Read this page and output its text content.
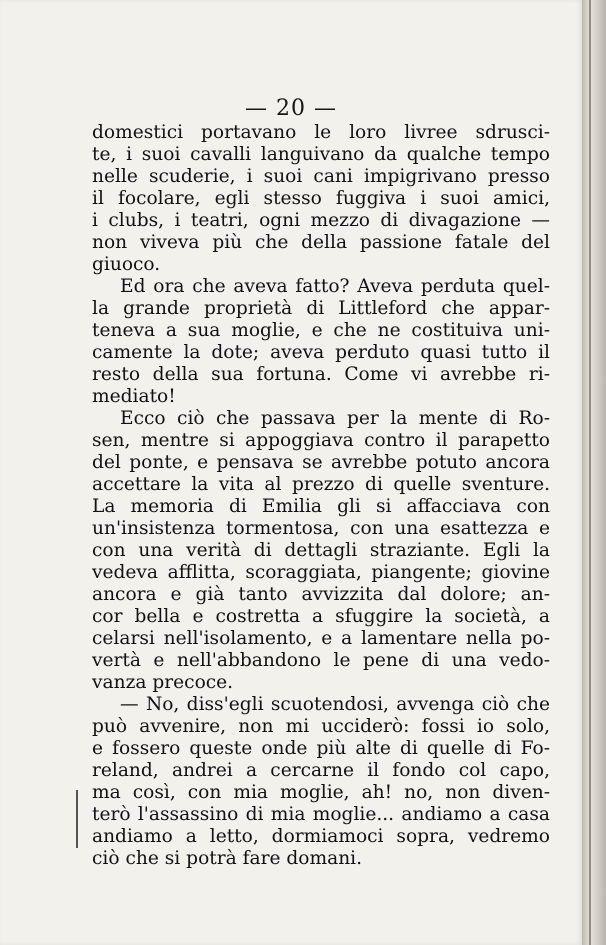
— 20 —
domestici portavano le loro livree sdrusci-
te, i suoi cavalli languivano da qualche tempo
nelle scuderie, i suoi cani impigrivano presso
il focolare, egli stesso fuggiva i suoi amici,
i clubs, i teatri, ogni mezzo di divagazione —
non viveva più che della passione fatale del
giuoco.
Ed ora che aveva fatto? Aveva perduta quel-
la grande proprietà di Littleford che appar-
teneva a sua moglie, e che ne costituiva uni-
camente la dote; aveva perduto quasi tutto il
resto della sua fortuna. Come vi avrebbe ri-
mediato!
Ecco ciò che passava per la mente di Ro-
sen, mentre si appoggiava contro il parapetto
del ponte, e pensava se avrebbe potuto ancora
accettare la vita al prezzo di quelle sventure.
La memoria di Emilia gli si affacciava con
un'insistenza tormentosa, con una esattezza e
con una verità di dettagli straziante. Egli la
vedeva afflitta, scoraggiata, piangente; giovine
ancora e già tanto avvizzita dal dolore; an-
cor bella e costretta a sfuggire la società, a
celarsi nell'isolamento, e a lamentare nella po-
vertà e nell'abbandono le pene di una vedo-
vanza precoce.
— No, diss'egli scuotendosi, avvenga ciò che
può avvenire, non mi ucciderò: fossi io solo,
e fossero queste onde più alte di quelle di Fo-
reland, andrei a cercarne il fondo col capo,
ma così, con mia moglie, ah! no, non diven-
terò l'assassino di mia moglie... andiamo a casa
andiamo a letto, dormiamoci sopra, vedremo
ciò che si potrà fare domani.
